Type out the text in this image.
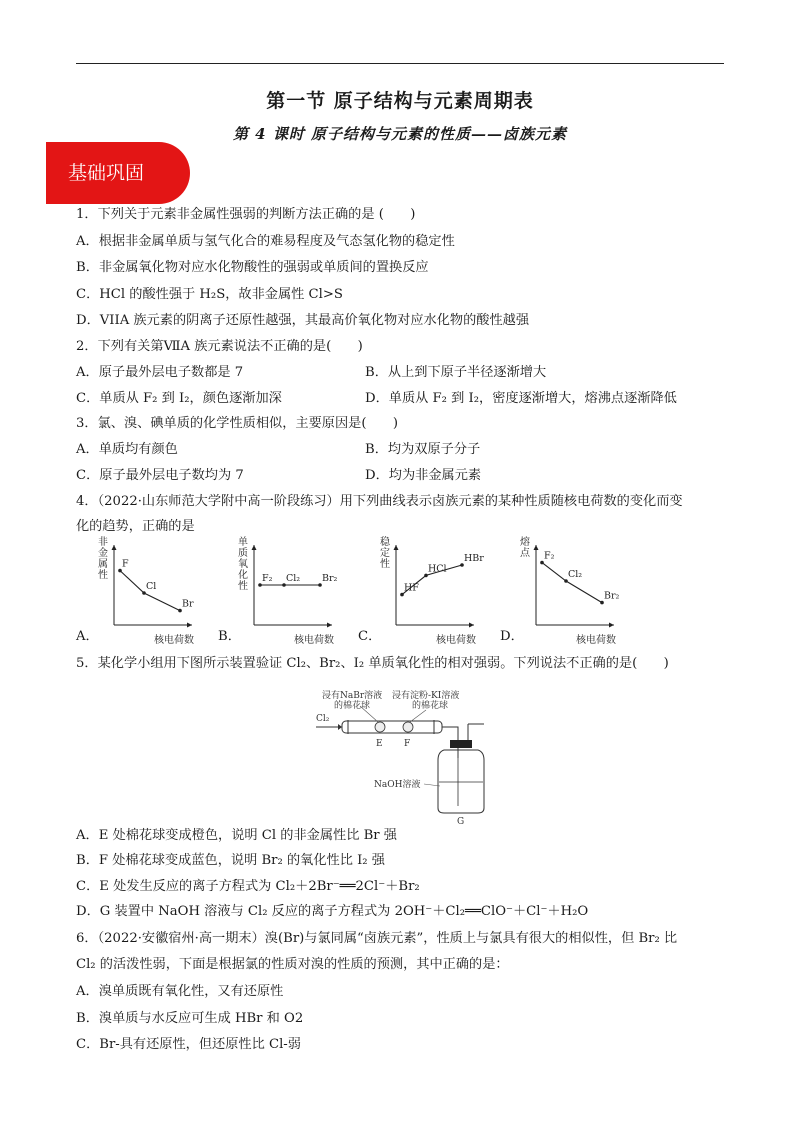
第一节 原子结构与元素周期表
第 4 课时 原子结构与元素的性质——卤族元素
基础巩固
1．下列关于元素非金属性强弱的判断方法正确的是 (　　)
A．根据非金属单质与氢气化合的难易程度及气态氢化物的稳定性
B．非金属氧化物对应水化物酸性的强弱或单质间的置换反应
C．HCl 的酸性强于 H₂S，故非金属性 Cl>S
D．VIIA 族元素的阴离子还原性越强，其最高价氧化物对应水化物的酸性越强
2．下列有关第ⅦA 族元素说法不正确的是(　　)
A．原子最外层电子数都是 7	B．从上到下原子半径逐渐增大
C．单质从 F₂ 到 I₂，颜色逐渐加深	D．单质从 F₂ 到 I₂，密度逐渐增大，熔沸点逐渐降低
3．氯、溴、碘单质的化学性质相似，主要原因是(　　)
A．单质均有颜色	B．均为双原子分子
C．原子最外层电子数均为 7	D．均为非金属元素
4．（2022·山东师范大学附中高一阶段练习）用下列曲线表示卤族元素的某种性质随核电荷数的变化而变
化的趋势，正确的是
A．	B．	C．	D．
非
金
属
性
核电荷数
F
Cl
Br
单
质
氧
化
性
核电荷数
F₂ Cl₂ Br₂
稳
定
性
核电荷数
HF
HCl
HBr
熔
点
核电荷数
F₂
Cl₂
Br₂
5．某化学小组用下图所示装置验证 Cl₂、Br₂、I₂ 单质氧化性的相对强弱。下列说法不正确的是(　　)
浸有NaBr溶液
的棉花球
浸有淀粉-KI溶液
的棉花球
Cl₂
E F
NaOH溶液
G
A．E 处棉花球变成橙色，说明 Cl 的非金属性比 Br 强
B．F 处棉花球变成蓝色，说明 Br₂ 的氧化性比 I₂ 强
C．E 处发生反应的离子方程式为 Cl₂＋2Br⁻══2Cl⁻＋Br₂
D．G 装置中 NaOH 溶液与 Cl₂ 反应的离子方程式为 2OH⁻＋Cl₂══ClO⁻＋Cl⁻＋H₂O
6．（2022·安徽宿州·高一期末）溴(Br)与氯同属“卤族元素”，性质上与氯具有很大的相似性，但 Br₂ 比
Cl₂ 的活泼性弱，下面是根据氯的性质对溴的性质的预测，其中正确的是：
A．溴单质既有氧化性，又有还原性
B．溴单质与水反应可生成 HBr 和 O2
C．Br-具有还原性，但还原性比 Cl-弱
